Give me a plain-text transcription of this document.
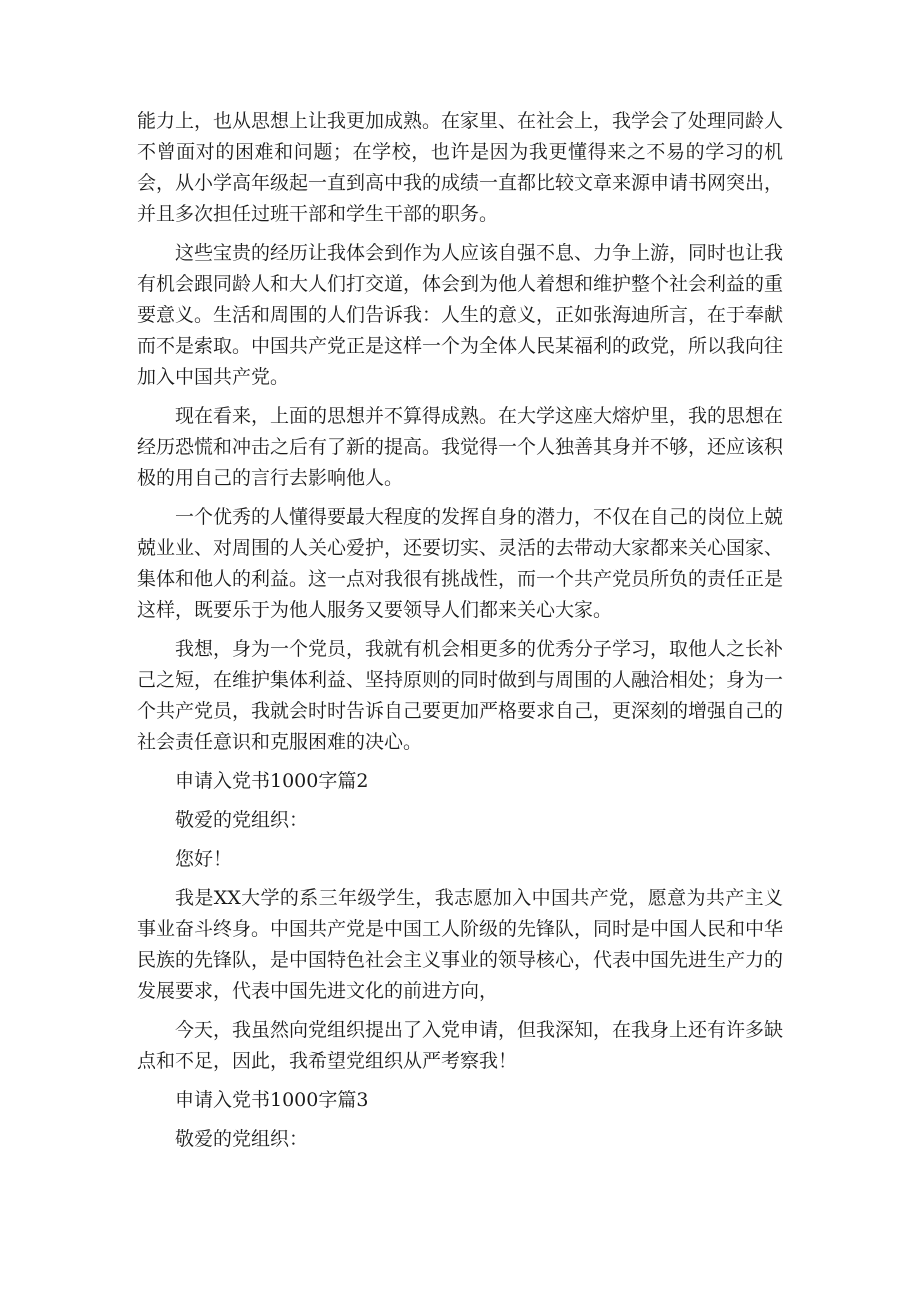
能力上，也从思想上让我更加成熟。在家里、在社会上，我学会了处理同龄人不曾面对的困难和问题；在学校，也许是因为我更懂得来之不易的学习的机会，从小学高年级起一直到高中我的成绩一直都比较文章来源申请书网突出，并且多次担任过班干部和学生干部的职务。

这些宝贵的经历让我体会到作为人应该自强不息、力争上游，同时也让我有机会跟同龄人和大人们打交道，体会到为他人着想和维护整个社会利益的重要意义。生活和周围的人们告诉我：人生的意义，正如张海迪所言，在于奉献而不是索取。中国共产党正是这样一个为全体人民某福利的政党，所以我向往加入中国共产党。

现在看来，上面的思想并不算得成熟。在大学这座大熔炉里，我的思想在经历恐慌和冲击之后有了新的提高。我觉得一个人独善其身并不够，还应该积极的用自己的言行去影响他人。

一个优秀的人懂得要最大程度的发挥自身的潜力，不仅在自己的岗位上兢兢业业、对周围的人关心爱护，还要切实、灵活的去带动大家都来关心国家、集体和他人的利益。这一点对我很有挑战性，而一个共产党员所负的责任正是这样，既要乐于为他人服务又要领导人们都来关心大家。

我想，身为一个党员，我就有机会相更多的优秀分子学习，取他人之长补己之短，在维护集体利益、坚持原则的同时做到与周围的人融洽相处；身为一个共产党员，我就会时时告诉自己要更加严格要求自己，更深刻的增强自己的社会责任意识和克服困难的决心。

申请入党书1000字篇2

敬爱的党组织：

您好！

我是XX大学的系三年级学生，我志愿加入中国共产党，愿意为共产主义事业奋斗终身。中国共产党是中国工人阶级的先锋队，同时是中国人民和中华民族的先锋队，是中国特色社会主义事业的领导核心，代表中国先进生产力的发展要求，代表中国先进文化的前进方向，

今天，我虽然向党组织提出了入党申请，但我深知，在我身上还有许多缺点和不足，因此，我希望党组织从严考察我！

申请入党书1000字篇3

敬爱的党组织：
